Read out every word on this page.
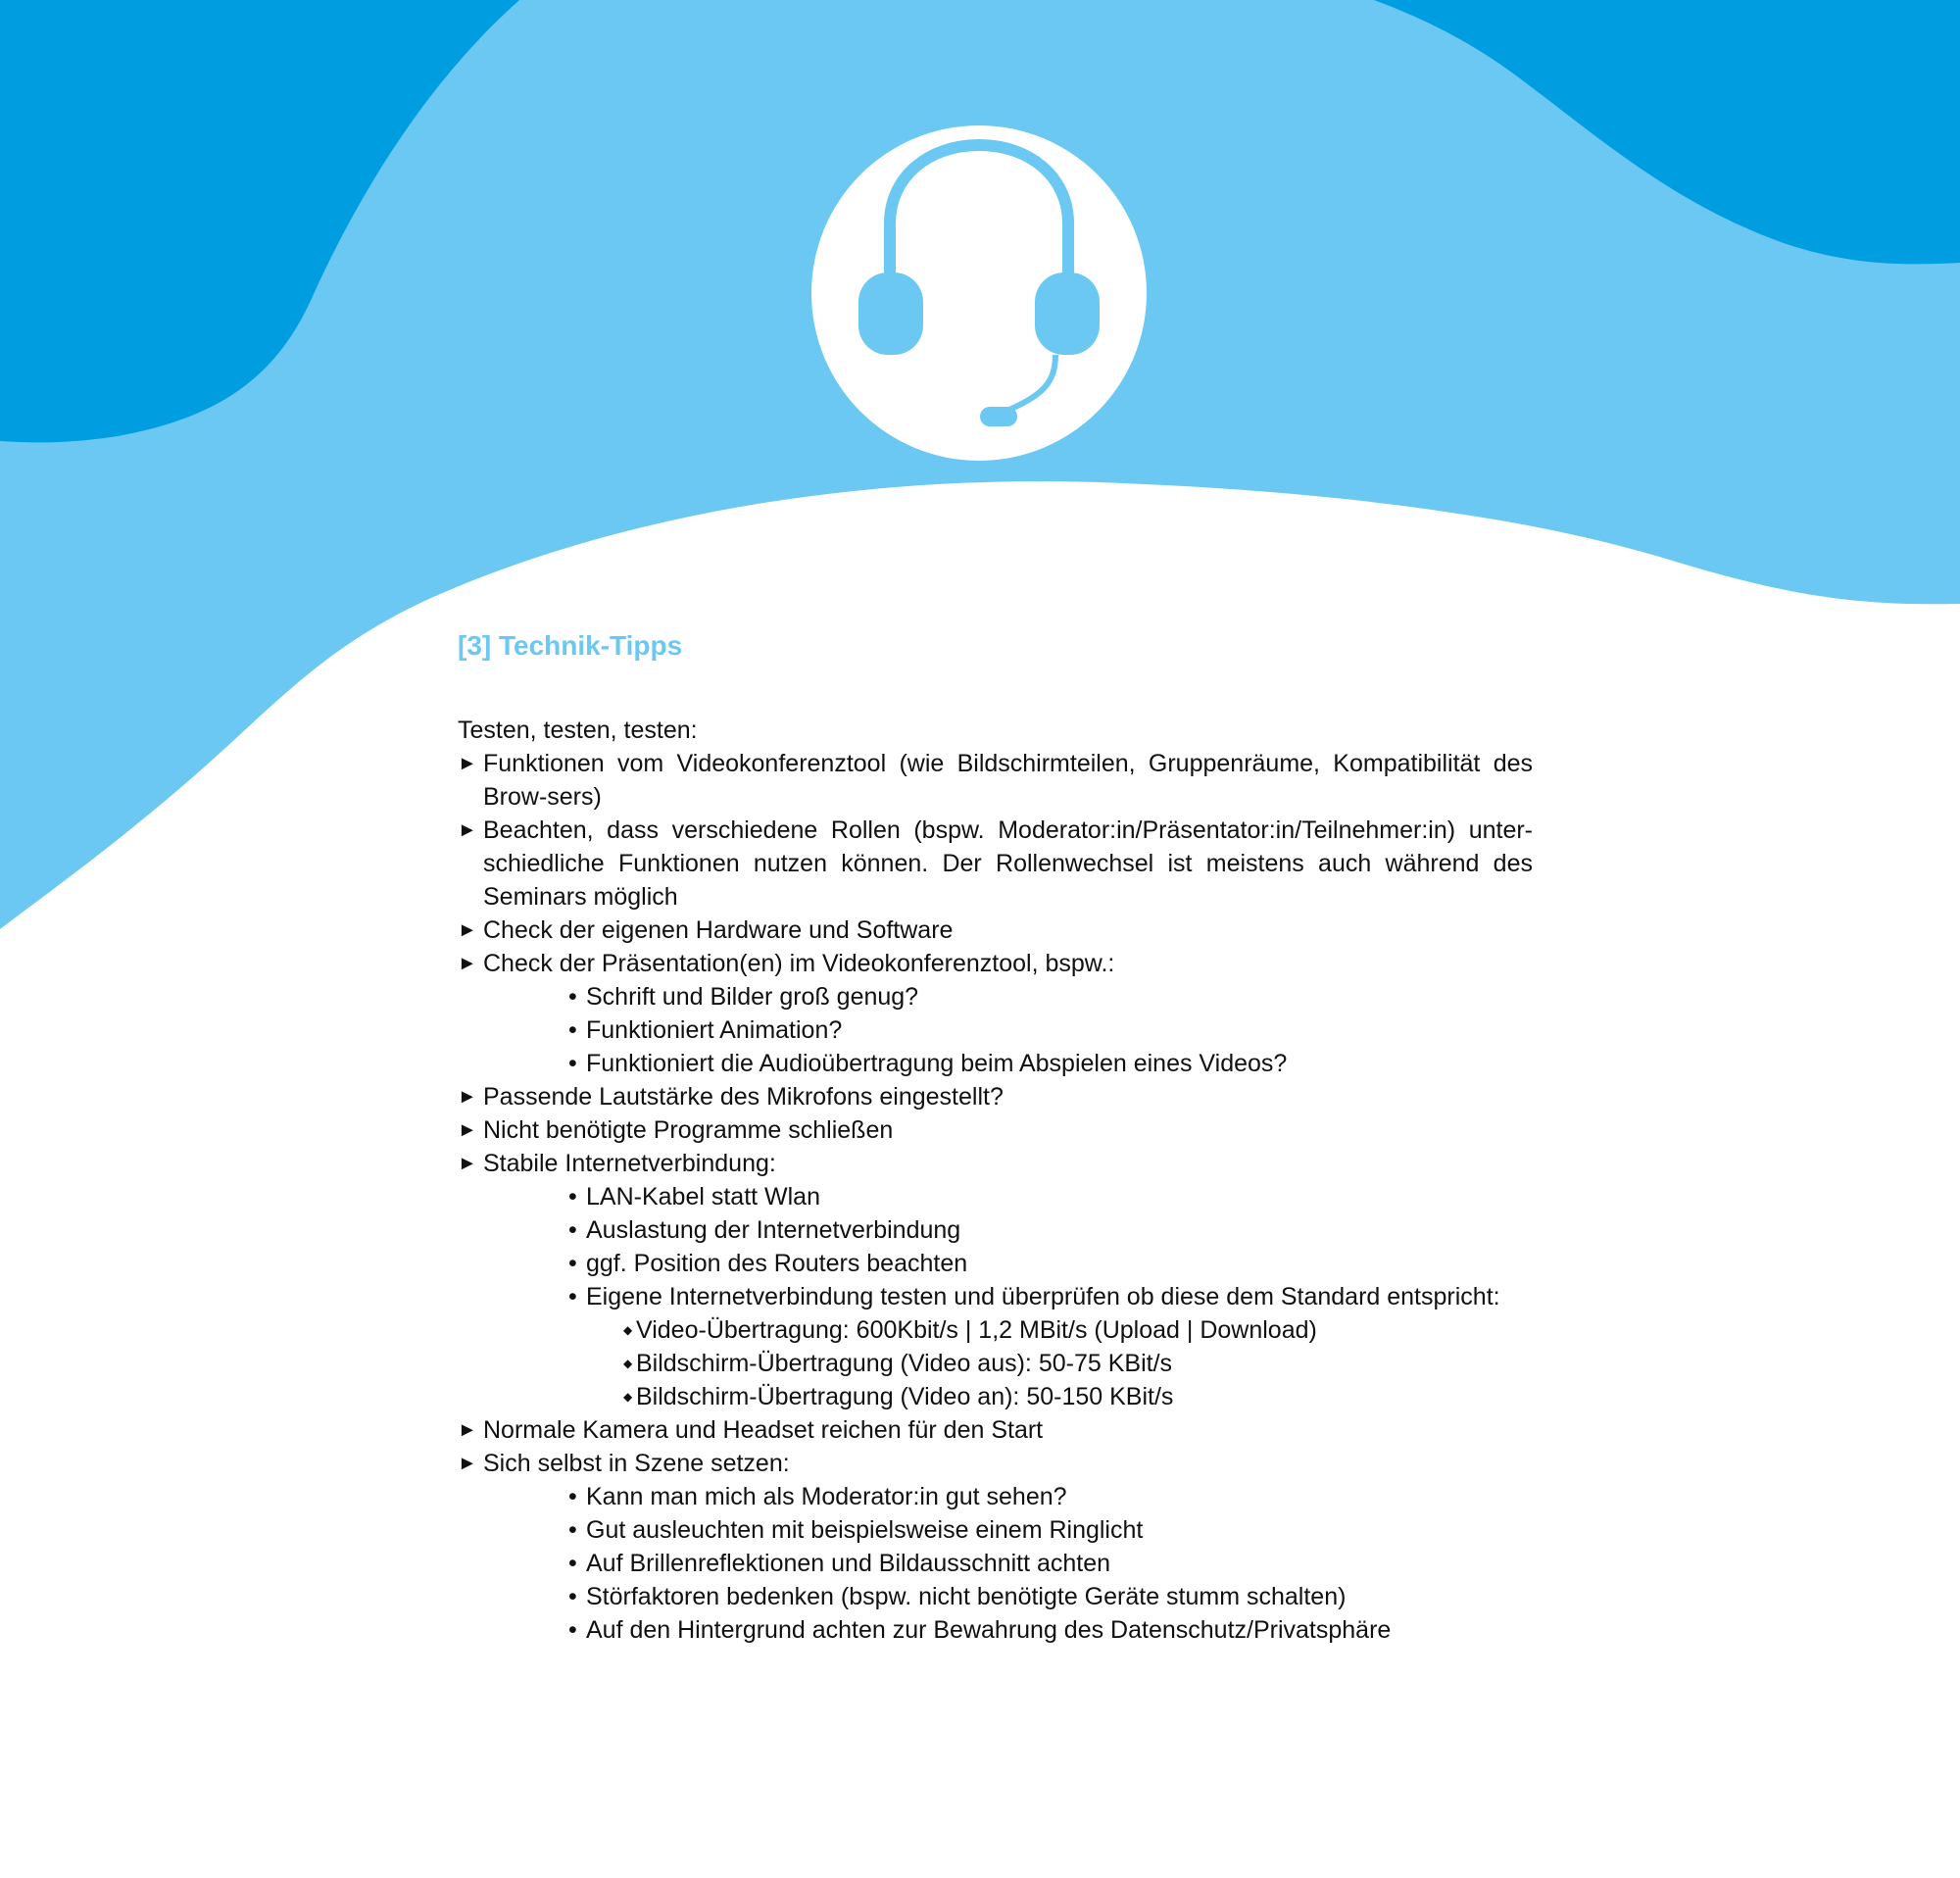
[3] Technik-Tipps

Testen, testen, testen:

► Funktionen vom Videokonferenztool (wie Bildschirmteilen, Gruppenräume, Kompatibilität des Brow-sers)

► Beachten, dass verschiedene Rollen (bspw. Moderator:in/Präsentator:in/Teilnehmer:in) unter-schiedliche Funktionen nutzen können. Der Rollenwechsel ist meistens auch während des Seminars möglich

► Check der eigenen Hardware und Software

► Check der Präsentation(en) im Videokonferenztool, bspw.:

• Schrift und Bilder groß genug?

• Funktioniert Animation?

• Funktioniert die Audioübertragung beim Abspielen eines Videos?

► Passende Lautstärke des Mikrofons eingestellt?

► Nicht benötigte Programme schließen

► Stabile Internetverbindung:

• LAN-Kabel statt Wlan

• Auslastung der Internetverbindung

• ggf. Position des Routers beachten

• Eigene Internetverbindung testen und überprüfen ob diese dem Standard entspricht:

◆ Video-Übertragung: 600Kbit/s | 1,2 MBit/s (Upload | Download)

◆ Bildschirm-Übertragung (Video aus): 50-75 KBit/s

◆ Bildschirm-Übertragung (Video an): 50-150 KBit/s

► Normale Kamera und Headset reichen für den Start

► Sich selbst in Szene setzen:

• Kann man mich als Moderator:in gut sehen?

• Gut ausleuchten mit beispielsweise einem Ringlicht

• Auf Brillenreflektionen und Bildausschnitt achten

• Störfaktoren bedenken (bspw. nicht benötigte Geräte stumm schalten)

• Auf den Hintergrund achten zur Bewahrung des Datenschutz/Privatsphäre
